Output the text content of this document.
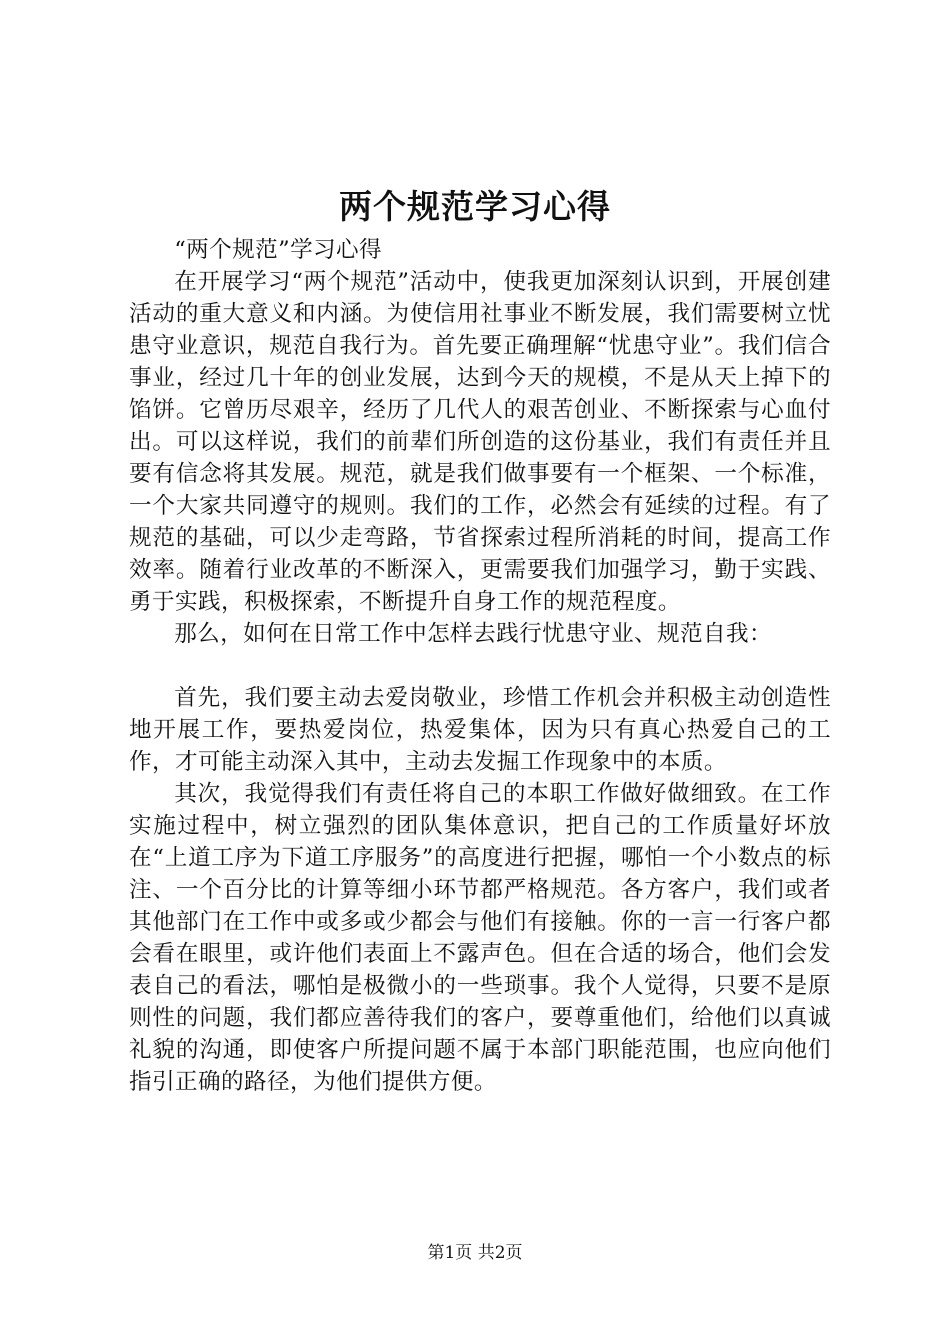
两个规范学习心得

“两个规范”学习心得

在开展学习“两个规范”活动中，使我更加深刻认识到，开展创建活动的重大意义和内涵。为使信用社事业不断发展，我们需要树立忧患守业意识，规范自我行为。首先要正确理解“忧患守业”。我们信合事业，经过几十年的创业发展，达到今天的规模，不是从天上掉下的馅饼。它曾历尽艰辛，经历了几代人的艰苦创业、不断探索与心血付出。可以这样说，我们的前辈们所创造的这份基业，我们有责任并且要有信念将其发展。规范，就是我们做事要有一个框架、一个标准，一个大家共同遵守的规则。我们的工作，必然会有延续的过程。有了规范的基础，可以少走弯路，节省探索过程所消耗的时间，提高工作效率。随着行业改革的不断深入，更需要我们加强学习，勤于实践、勇于实践，积极探索，不断提升自身工作的规范程度。

那么，如何在日常工作中怎样去践行忧患守业、规范自我：

首先，我们要主动去爱岗敬业，珍惜工作机会并积极主动创造性地开展工作，要热爱岗位，热爱集体，因为只有真心热爱自己的工作，才可能主动深入其中，主动去发掘工作现象中的本质。

其次，我觉得我们有责任将自己的本职工作做好做细致。在工作实施过程中，树立强烈的团队集体意识，把自己的工作质量好坏放在“上道工序为下道工序服务”的高度进行把握，哪怕一个小数点的标注、一个百分比的计算等细小环节都严格规范。各方客户，我们或者其他部门在工作中或多或少都会与他们有接触。你的一言一行客户都会看在眼里，或许他们表面上不露声色。但在合适的场合，他们会发表自己的看法，哪怕是极微小的一些琐事。我个人觉得，只要不是原则性的问题，我们都应善待我们的客户，要尊重他们，给他们以真诚礼貌的沟通，即使客户所提问题不属于本部门职能范围，也应向他们指引正确的路径，为他们提供方便。

第1页 共2页
